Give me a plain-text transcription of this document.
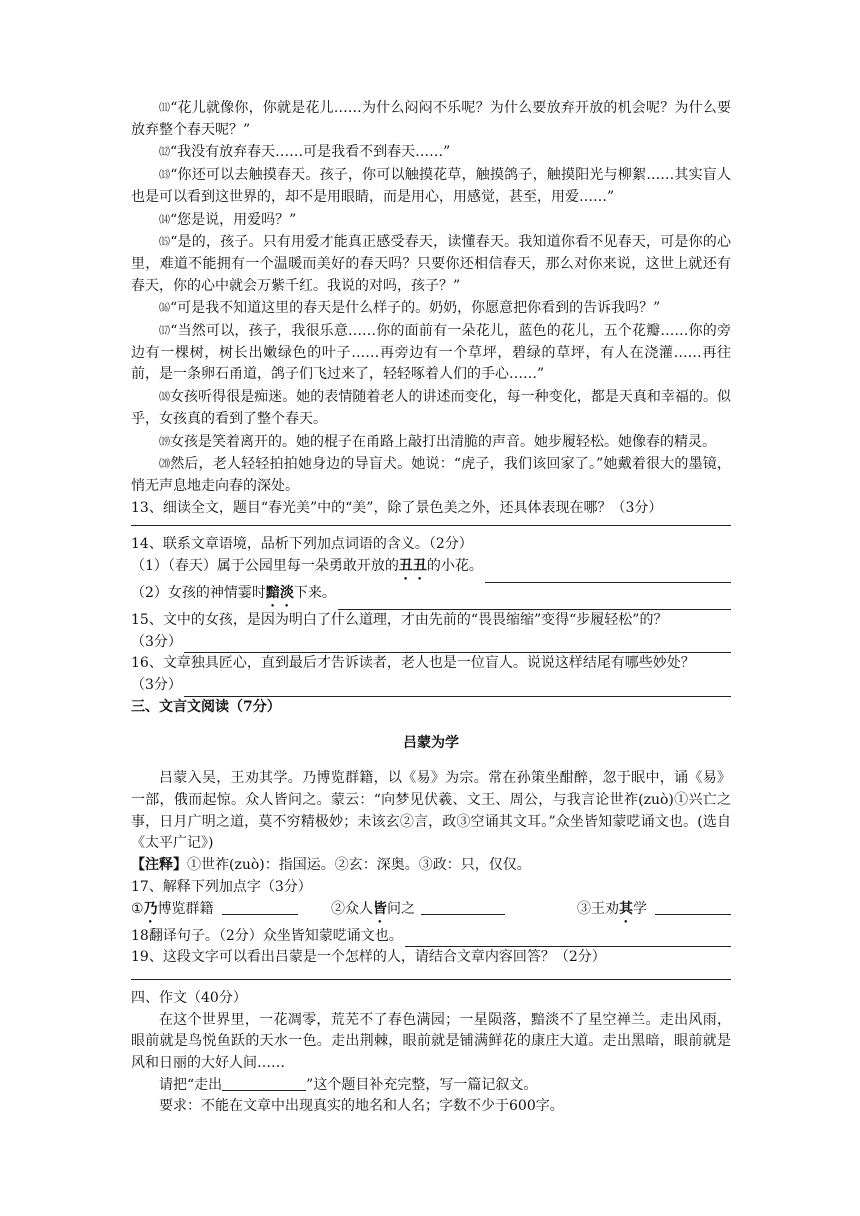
⑾“花儿就像你，你就是花儿……为什么闷闷不乐呢？为什么要放弃开放的机会呢？为什么要放弃整个春天呢？”

⑿“我没有放弃春天……可是我看不到春天……”

⒀“你还可以去触摸春天。孩子，你可以触摸花草，触摸鸽子，触摸阳光与柳絮……其实盲人也是可以看到这世界的，却不是用眼睛，而是用心，用感觉，甚至，用爱……”

⒁“您是说，用爱吗？”

⒂“是的，孩子。只有用爱才能真正感受春天，读懂春天。我知道你看不见春天，可是你的心里，难道不能拥有一个温暖而美好的春天吗？只要你还相信春天，那么对你来说，这世上就还有春天，你的心中就会万紫千红。我说的对吗，孩子？”

⒃“可是我不知道这里的春天是什么样子的。奶奶，你愿意把你看到的告诉我吗？”

⒄“当然可以，孩子，我很乐意……你的面前有一朵花儿，蓝色的花儿，五个花瓣……你的旁边有一棵树，树长出嫩绿色的叶子……再旁边有一个草坪，碧绿的草坪，有人在浇灌……再往前，是一条卵石甬道，鸽子们飞过来了，轻轻啄着人们的手心……”

⒅女孩听得很是痴迷。她的表情随着老人的讲述而变化，每一种变化，都是天真和幸福的。似乎，女孩真的看到了整个春天。

⒆女孩是笑着离开的。她的棍子在甬路上敲打出清脆的声音。她步履轻松。她像春的精灵。

⒇然后，老人轻轻拍拍她身边的导盲犬。她说：“虎子，我们该回家了。”她戴着很大的墨镜，悄无声息地走向春的深处。

13、细读全文，题目“春光美”中的“美”，除了景色美之外，还具体表现在哪？（3分）

14、联系文章语境，品析下列加点词语的含义。（2分）

（1）（春天）属于公园里每一朵勇敢开放的丑丑的小花。
（2）女孩的神情霎时黯淡下来。

15、文中的女孩，是因为明白了什么道理，才由先前的“畏畏缩缩”变得“步履轻松”的？

（3分）

16、文章独具匠心，直到最后才告诉读者，老人也是一位盲人。说说这样结尾有哪些妙处？

（3分）

三、文言文阅读（7分）

吕蒙为学

吕蒙入吴，王劝其学。乃博览群籍，以《易》为宗。常在孙策坐酣醉，忽于眠中，诵《易》一部，俄而起惊。众人皆问之。蒙云：“向梦见伏羲、文王、周公，与我言论世祚(zuò)①兴亡之事，日月广明之道，莫不穷精极妙；未该玄②言，政③空诵其文耳。”众坐皆知蒙呓诵文也。(选自《太平广记》)

【注释】①世祚(zuò)：指国运。②玄：深奥。③政：只，仅仅。

17、解释下列加点字（3分）

①乃博览群籍	②众人皆问之	③王劝其学
18翻译句子。（2分）众坐皆知蒙呓诵文也。

19、这段文字可以看出吕蒙是一个怎样的人，请结合文章内容回答？（2分）

四、作文（40分）

在这个世界里，一花凋零，荒芜不了春色满园；一星陨落，黯淡不了星空禅兰。走出风雨，眼前就是鸟悦鱼跃的天水一色。走出荆棘，眼前就是铺满鲜花的康庄大道。走出黑暗，眼前就是风和日丽的大好人间……

请把“走出	”这个题目补充完整，写一篇记叙文。

要求：不能在文章中出现真实的地名和人名；字数不少于600字。
